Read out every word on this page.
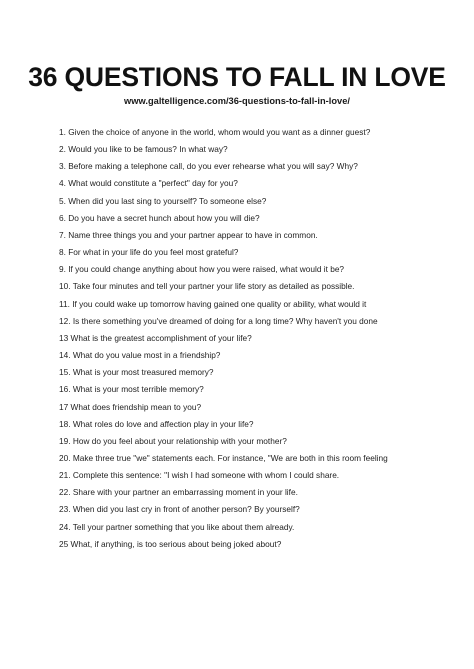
36 QUESTIONS TO FALL IN LOVE
www.galtelligence.com/36-questions-to-fall-in-love/
1. Given the choice of anyone in the world, whom would you want as a dinner guest?
2. Would you like to be famous? In what way?
3. Before making a telephone call, do you ever rehearse what you will say? Why?
4. What would constitute a "perfect" day for you?
5. When did you last sing to yourself? To someone else?
6. Do you have a secret hunch about how you will die?
7. Name three things you and your partner appear to have in common.
8. For what in your life do you feel most grateful?
9. If you could change anything about how you were raised, what would it be?
10. Take four minutes and tell your partner your life story as detailed as possible.
11. If you could wake up tomorrow having gained one quality or ability, what would it
12. Is there something you've dreamed of doing for a long time? Why haven't you done
13 What is the greatest accomplishment of your life?
14. What do you value most in a friendship?
15. What is your most treasured memory?
16. What is your most terrible memory?
17 What does friendship mean to you?
18. What roles do love and affection play in your life?
19. How do you feel about your relationship with your mother?
20. Make three true "we" statements each. For instance, "We are both in this room feeling
21. Complete this sentence: "I wish I had someone with whom I could share.
22. Share with your partner an embarrassing moment in your life.
23. When did you last cry in front of another person? By yourself?
24. Tell your partner something that you like about them already.
25 What, if anything, is too serious about being joked about?
